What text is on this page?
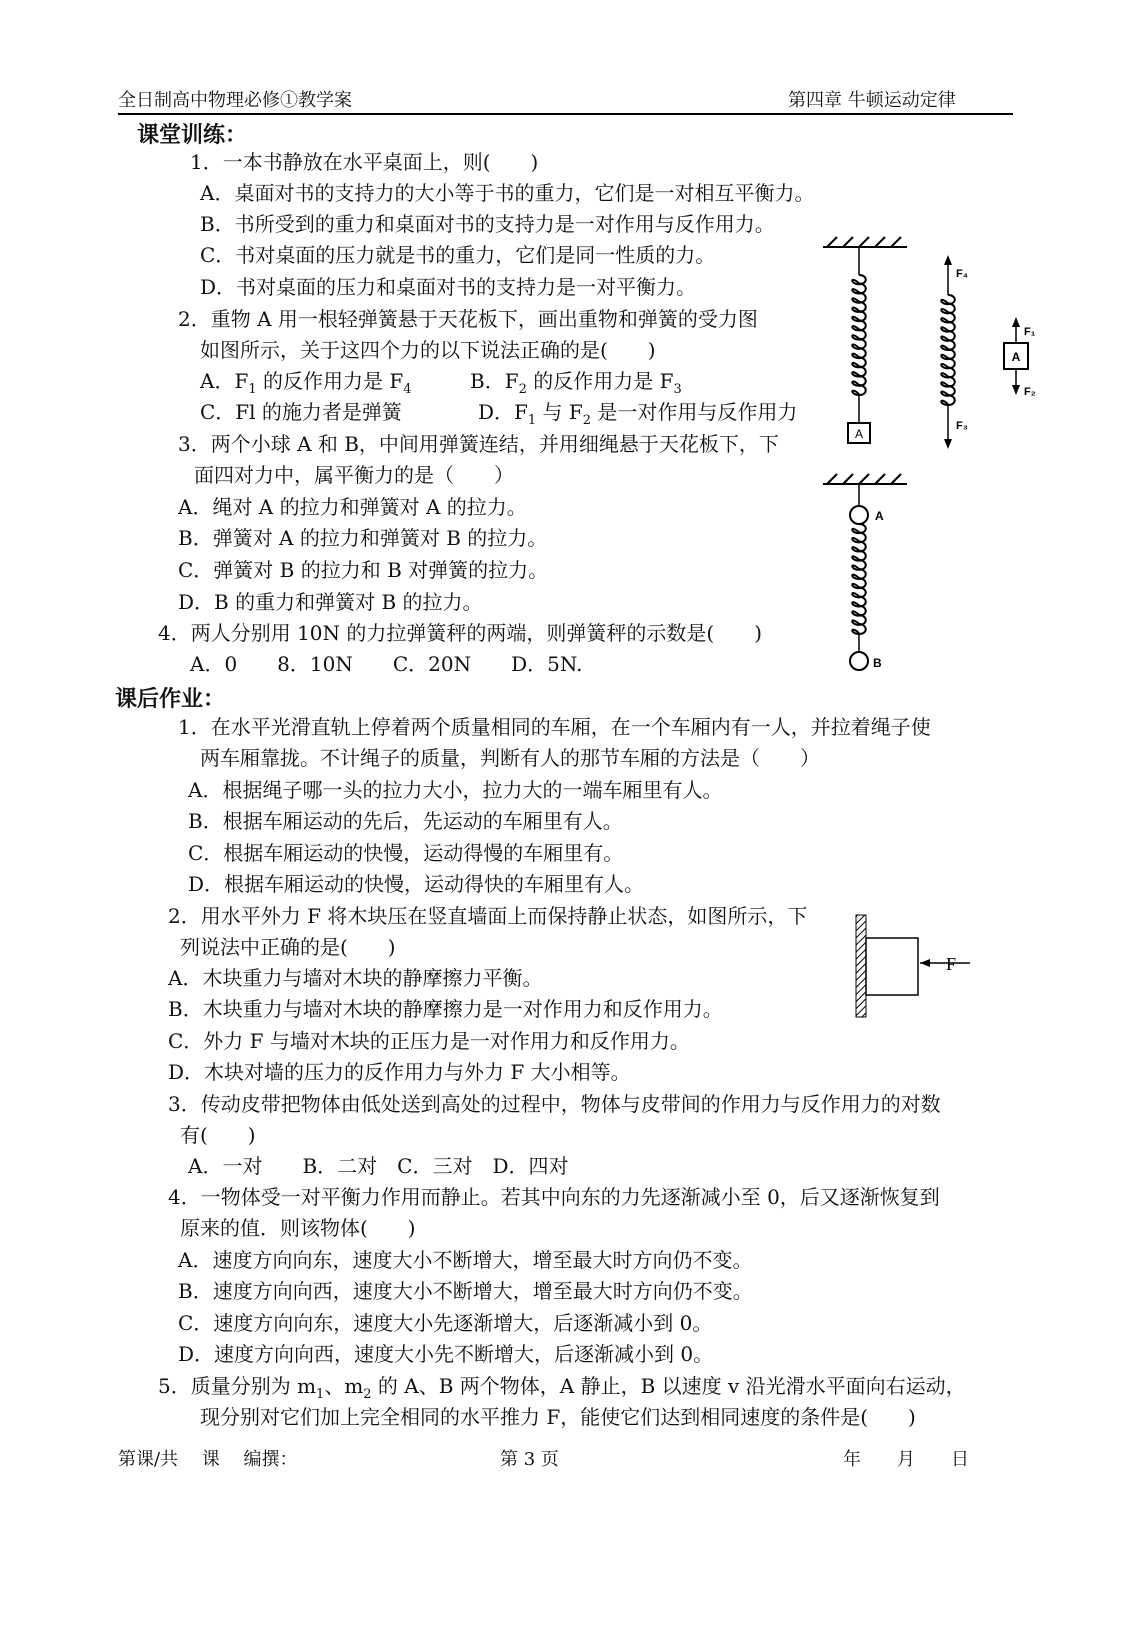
全日制高中物理必修①教学案	第四章 牛顿运动定律
课堂训练：
1．一本书静放在水平桌面上，则(　　)
A．桌面对书的支持力的大小等于书的重力，它们是一对相互平衡力。
B．书所受到的重力和桌面对书的支持力是一对作用与反作用力。
C．书对桌面的压力就是书的重力，它们是同一性质的力。
D．书对桌面的压力和桌面对书的支持力是一对平衡力。
2．重物 A 用一根轻弹簧悬于天花板下，画出重物和弹簧的受力图
如图所示，关于这四个力的以下说法正确的是(　　)
A．$F_1$ 的反作用力是 $F_4$	B．$F_2$ 的反作用力是 $F_3$
C．Fl 的施力者是弹簧	D．$F_1$ 与 $F_2$ 是一对作用与反作用力
3．两个小球 A 和 B，中间用弹簧连结，并用细绳悬于天花板下，下
面四对力中，属平衡力的是（　　）
A．绳对 A 的拉力和弹簧对 A 的拉力。
B．弹簧对 A 的拉力和弹簧对 B 的拉力。
C．弹簧对 B 的拉力和 B 对弹簧的拉力。
D．B 的重力和弹簧对 B 的拉力。
4．两人分别用 10N 的力拉弹簧秤的两端，则弹簧秤的示数是(　　)
A．0　　8．10N　　C．20N　　D．5N.
A
F₄
F₃
F₁
A
F₂
A
B
课后作业：
1．在水平光滑直轨上停着两个质量相同的车厢，在一个车厢内有一人，并拉着绳子使
两车厢靠拢。不计绳子的质量，判断有人的那节车厢的方法是（　　）
A．根据绳子哪一头的拉力大小，拉力大的一端车厢里有人。
B．根据车厢运动的先后，先运动的车厢里有人。
C．根据车厢运动的快慢，运动得慢的车厢里有。
D．根据车厢运动的快慢，运动得快的车厢里有人。
2．用水平外力 F 将木块压在竖直墙面上而保持静止状态，如图所示，下
列说法中正确的是(　　)
A．木块重力与墙对木块的静摩擦力平衡。
B．木块重力与墙对木块的静摩擦力是一对作用力和反作用力。
C．外力 F 与墙对木块的正压力是一对作用力和反作用力。
D．木块对墙的压力的反作用力与外力 F 大小相等。
F
3．传动皮带把物体由低处送到高处的过程中，物体与皮带间的作用力与反作用力的对数
有(　　)
A．一对　　B．二对　C．三对　D．四对
4．一物体受一对平衡力作用而静止。若其中向东的力先逐渐减小至 0，后又逐渐恢复到
原来的值．则该物体(　　)
A．速度方向向东，速度大小不断增大，增至最大时方向仍不变。
B．速度方向向西，速度大小不断增大，增至最大时方向仍不变。
C．速度方向向东，速度大小先逐渐增大，后逐渐减小到 0。
D．速度方向向西，速度大小先不断增大，后逐渐减小到 0。
5．质量分别为 $m_1$、$m_2$ 的 A、B 两个物体，A 静止，B 以速度 v 沿光滑水平面向右运动，
现分别对它们加上完全相同的水平推力 F，能使它们达到相同速度的条件是(　　)
第课/共　 课　 编撰：	第 3 页	年　　月　　日
